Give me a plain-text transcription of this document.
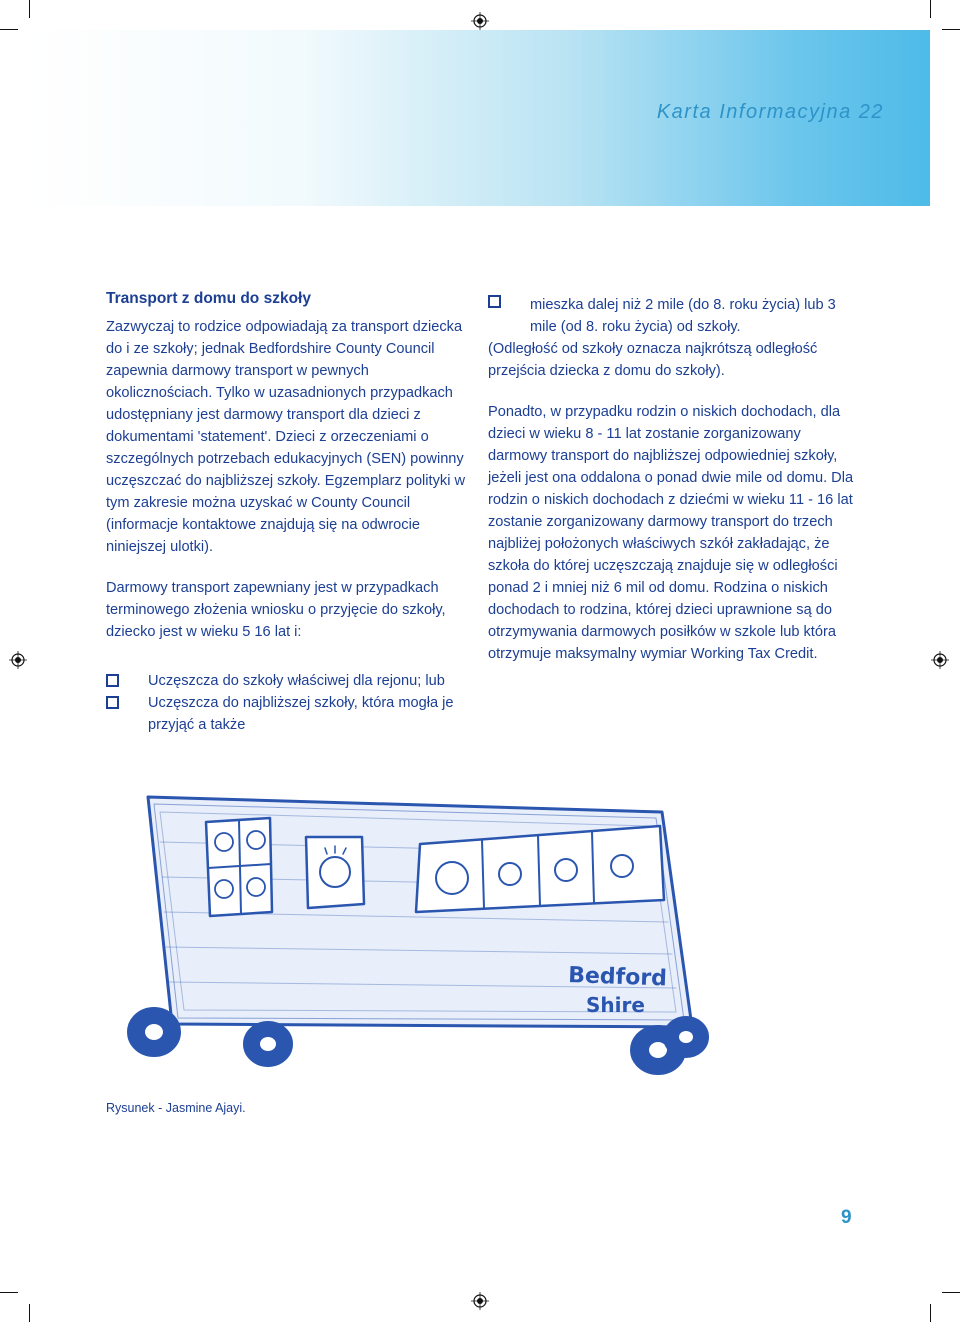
Karta Informacyjna 22

Transport z domu do szkoły

Zazwyczaj to rodzice odpowiadają za transport dziecka do i ze szkoły; jednak Bedfordshire County Council zapewnia darmowy transport w pewnych okolicznościach. Tylko w uzasadnionych przypadkach udostępniany jest darmowy transport dla dzieci z dokumentami 'statement'. Dzieci z orzeczeniami o szczególnych potrzebach edukacyjnych (SEN) powinny uczęszczać do najbliższej szkoły. Egzemplarz polityki w tym zakresie można uzyskać w County Council (informacje kontaktowe znajdują się na odwrocie niniejszej ulotki).

Darmowy transport zapewniany jest w przypadkach terminowego złożenia wniosku o przyjęcie do szkoły, dziecko jest w wieku 5 16 lat i:

Uczęszcza do szkoły właściwej dla rejonu; lub

Uczęszcza do najbliższej szkoły, która mogła je przyjąć a także

mieszka dalej niż 2 mile (do 8. roku życia) lub 3 mile (od 8. roku życia) od szkoły.

(Odległość od szkoły oznacza najkrótszą odległość przejścia dziecka z domu do szkoły).

Ponadto, w przypadku rodzin o niskich dochodach, dla dzieci w wieku 8 - 11 lat zostanie zorganizowany darmowy transport do najbliższej odpowiedniej szkoły, jeżeli jest ona oddalona o ponad dwie mile od domu. Dla rodzin o niskich dochodach z dziećmi w wieku 11 - 16 lat zostanie zorganizowany darmowy transport do trzech najbliżej położonych właściwych szkół zakładając, że szkoła do której uczęszczają znajduje się w odległości ponad 2 i mniej niż 6 mil od domu. Rodzina o niskich dochodach to rodzina, której dzieci uprawnione są do otrzymywania darmowych posiłków w szkole lub która otrzymuje maksymalny wymiar Working Tax Credit.

Bedford
Shire
Rysunek - Jasmine Ajayi.
9
